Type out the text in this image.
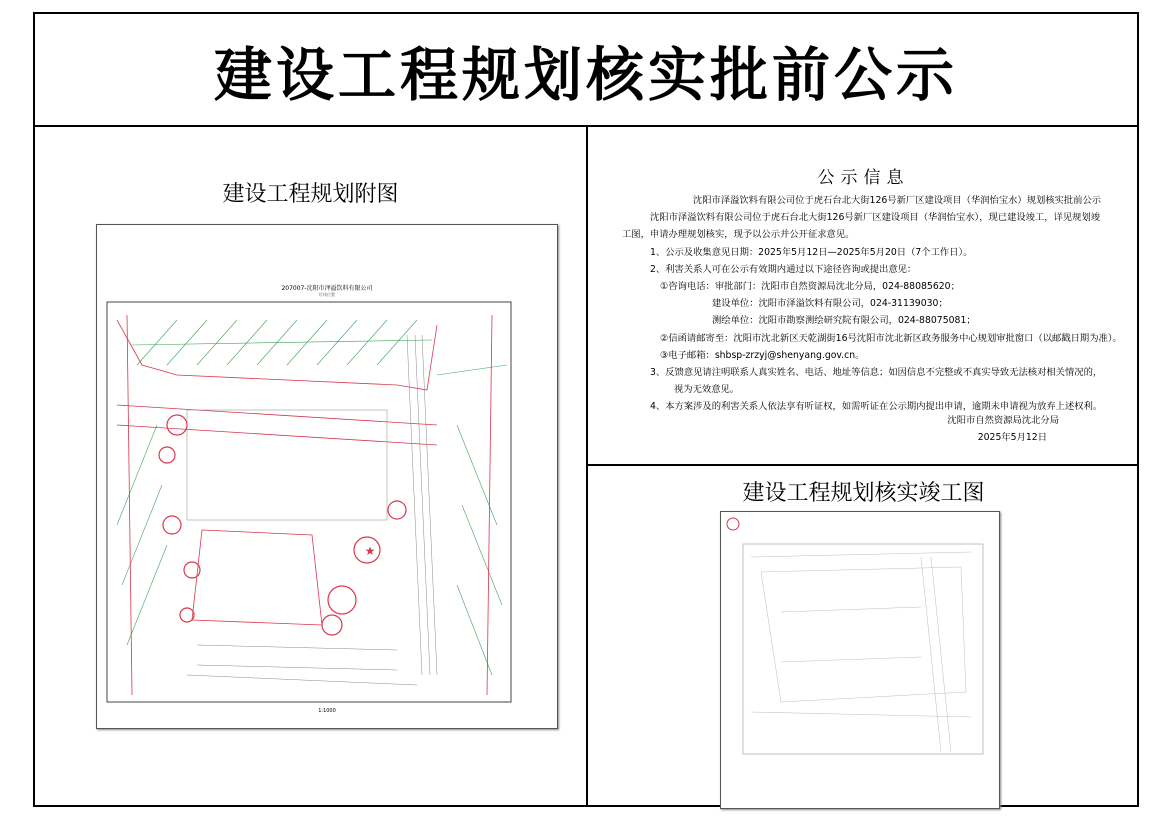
建设工程规划核实批前公示
建设工程规划附图
207007-沈阳市泽溢饮料有限公司
红线位置
★
1:1000
公示信息

沈阳市泽溢饮料有限公司位于虎石台北大街126号新厂区建设项目（华润怡宝水）规划核实批前公示

沈阳市泽溢饮料有限公司位于虎石台北大街126号新厂区建设项目（华润怡宝水），现已建设竣工，详见规划竣

工图，申请办理规划核实，现予以公示并公开征求意见。

1、公示及收集意见日期：2025年5月12日—2025年5月20日（7个工作日）。

2、利害关系人可在公示有效期内通过以下途径咨询或提出意见：

①咨询电话：审批部门：沈阳市自然资源局沈北分局，024-88085620；

建设单位：沈阳市泽溢饮料有限公司，024-31139030；

测绘单位：沈阳市勘察测绘研究院有限公司，024-88075081；

②信函请邮寄至：沈阳市沈北新区天乾湖街16号沈阳市沈北新区政务服务中心规划审批窗口（以邮戳日期为准）。

③电子邮箱：shbsp-zrzyj@shenyang.gov.cn。

3、反馈意见请注明联系人真实姓名、电话、地址等信息；如因信息不完整或不真实导致无法核对相关情况的，

视为无效意见。

4、本方案涉及的利害关系人依法享有听证权，如需听证在公示期内提出申请，逾期未申请视为放弃上述权利。

沈阳市自然资源局沈北分局
2025年5月12日
建设工程规划核实竣工图
